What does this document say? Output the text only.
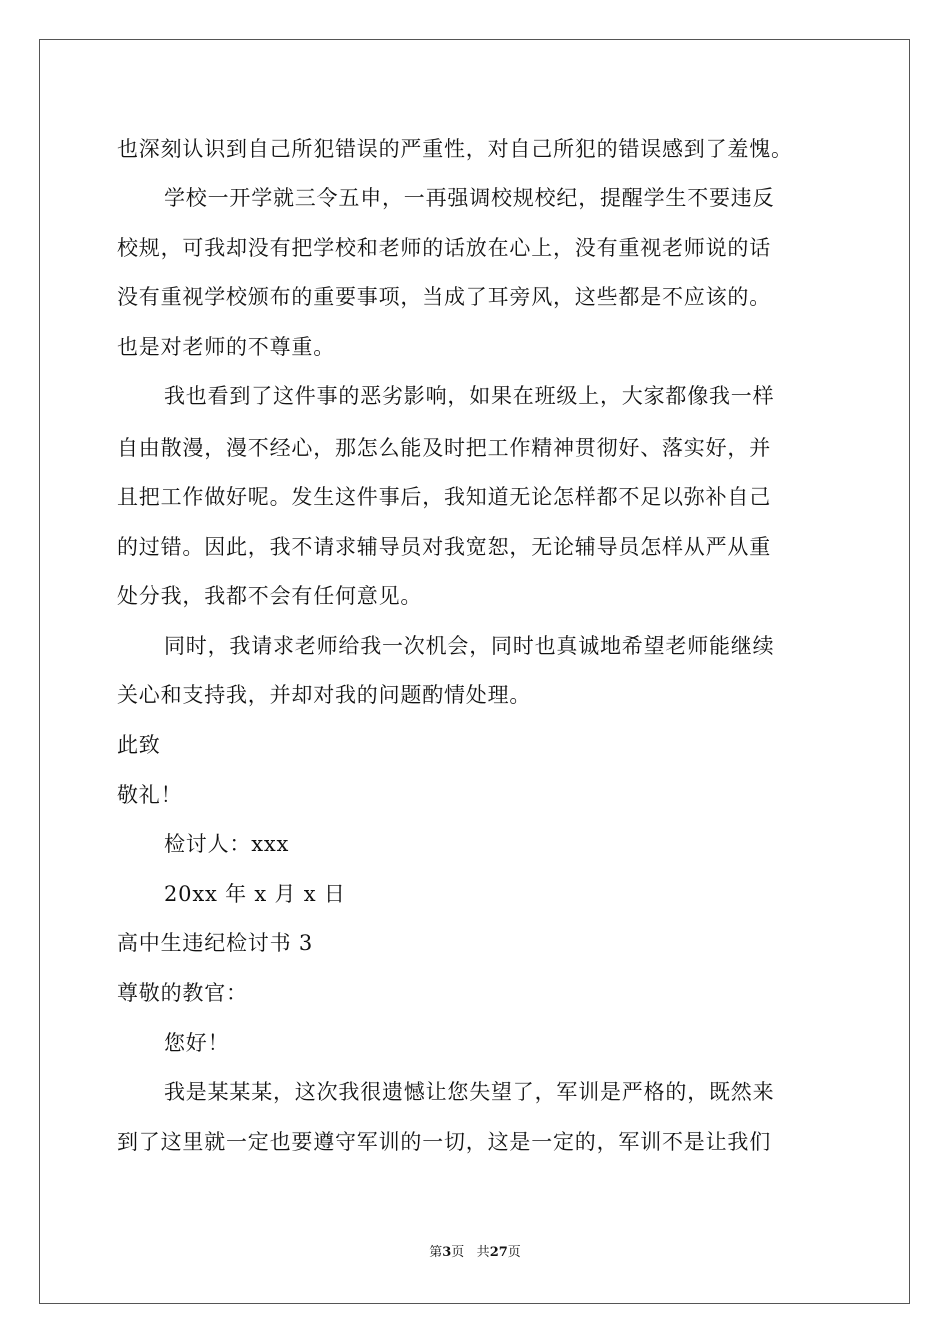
也深刻认识到自己所犯错误的严重性，对自己所犯的错误感到了羞愧。
学校一开学就三令五申，一再强调校规校纪，提醒学生不要违反
校规，可我却没有把学校和老师的话放在心上，没有重视老师说的话
没有重视学校颁布的重要事项，当成了耳旁风，这些都是不应该的。
也是对老师的不尊重。
我也看到了这件事的恶劣影响，如果在班级上，大家都像我一样
自由散漫，漫不经心，那怎么能及时把工作精神贯彻好、落实好，并
且把工作做好呢。发生这件事后，我知道无论怎样都不足以弥补自己
的过错。因此，我不请求辅导员对我宽恕，无论辅导员怎样从严从重
处分我，我都不会有任何意见。
同时，我请求老师给我一次机会，同时也真诚地希望老师能继续
关心和支持我，并却对我的问题酌情处理。
此致
敬礼！
检讨人：xxx
20xx 年 x 月 x 日
高中生违纪检讨书 3
尊敬的教官：
您好！
我是某某某，这次我很遗憾让您失望了，军训是严格的，既然来
到了这里就一定也要遵守军训的一切，这是一定的，军训不是让我们
第3页 共27页
